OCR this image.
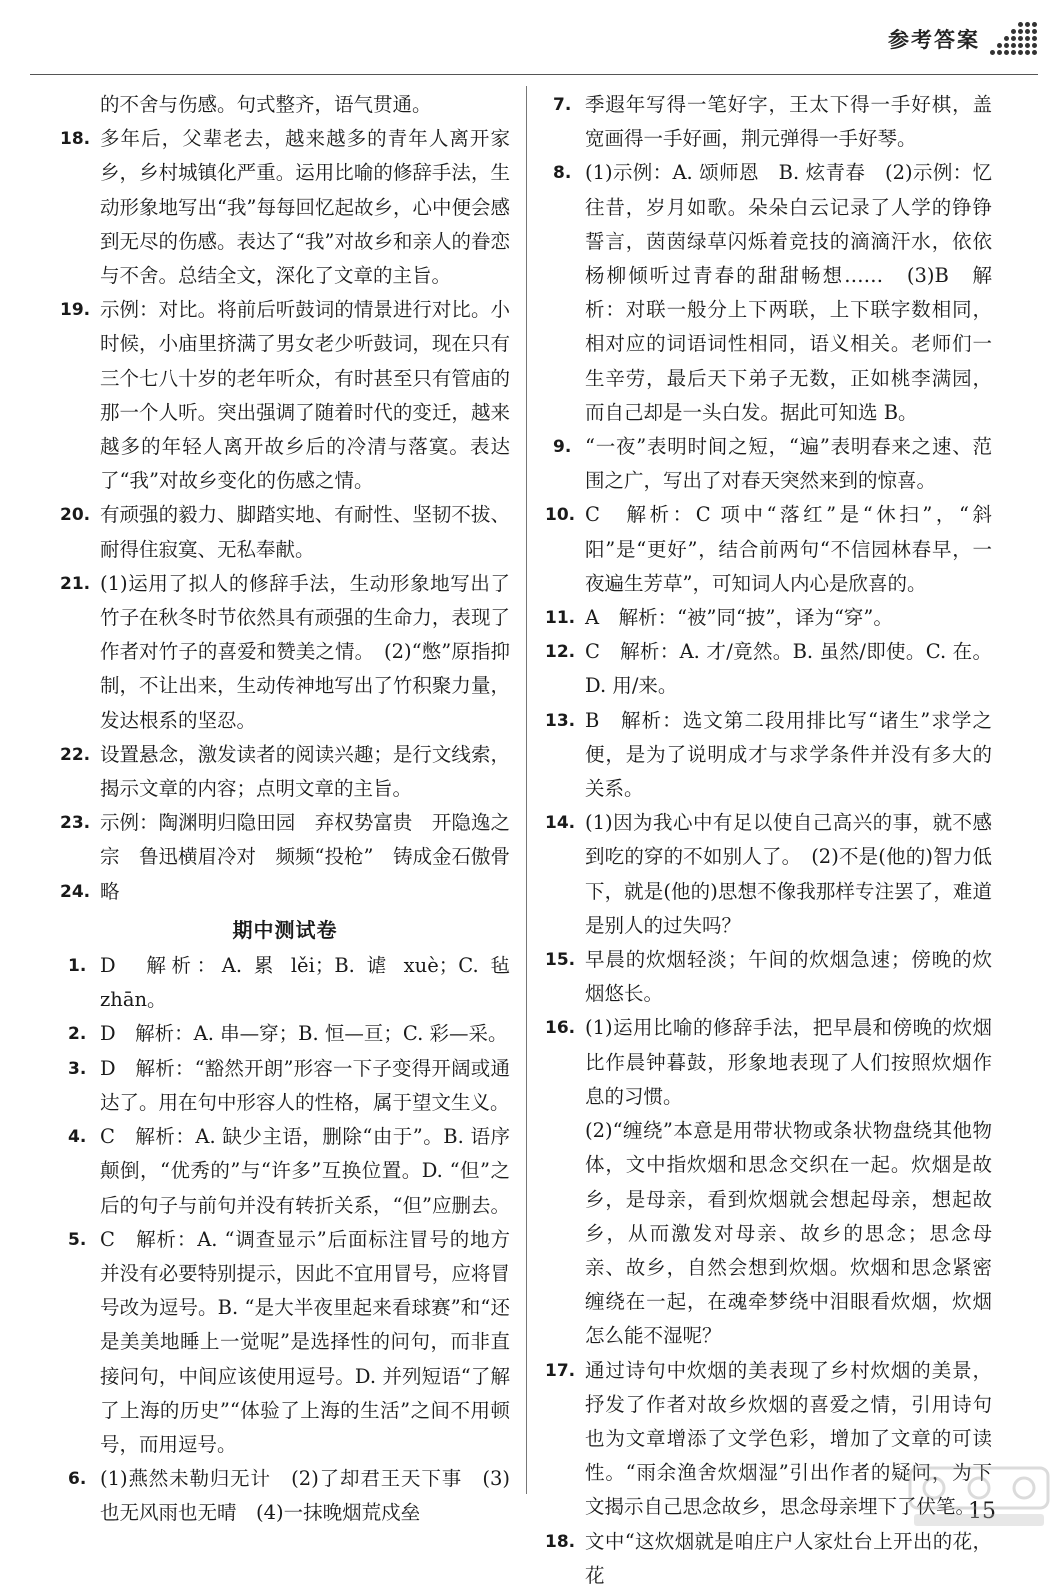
参考答案
的不舍与伤感。句式整齐，语气贯通。
18. 多年后，父辈老去，越来越多的青年人离开家乡，乡村城镇化严重。运用比喻的修辞手法，生动形象地写出“我”每每回忆起故乡，心中便会感到无尽的伤感。表达了“我”对故乡和亲人的眷恋与不舍。总结全文，深化了文章的主旨。
19. 示例：对比。将前后听鼓词的情景进行对比。小时候，小庙里挤满了男女老少听鼓词，现在只有三个七八十岁的老年听众，有时甚至只有管庙的那一个人听。突出强调了随着时代的变迁，越来越多的年轻人离开故乡后的冷清与落寞。表达了“我”对故乡变化的伤感之情。
20. 有顽强的毅力、脚踏实地、有耐性、坚韧不拔、耐得住寂寞、无私奉献。
21. (1)运用了拟人的修辞手法，生动形象地写出了竹子在秋冬时节依然具有顽强的生命力，表现了作者对竹子的喜爱和赞美之情。　(2)“憋”原指抑制，不让出来，生动传神地写出了竹积聚力量，发达根系的坚忍。
22. 设置悬念，激发读者的阅读兴趣；是行文线索，揭示文章的内容；点明文章的主旨。
23. 示例：陶渊明归隐田园　弃权势富贵　开隐逸之宗　鲁迅横眉冷对　频频“投枪”　铸成金石傲骨
24. 略
期中测试卷
1. D　解析：A. 累 lěi；B. 谑 xuè；C. 毡 zhān。
2. D　解析：A. 串—穿；B. 恒—亘；C. 彩—采。
3. D　解析：“豁然开朗”形容一下子变得开阔或通达了。用在句中形容人的性格，属于望文生义。
4. C　解析：A. 缺少主语，删除“由于”。B. 语序颠倒，“优秀的”与“许多”互换位置。D. “但”之后的句子与前句并没有转折关系，“但”应删去。
5. C　解析：A. “调查显示”后面标注冒号的地方并没有必要特别提示，因此不宜用冒号，应将冒号改为逗号。B. “是大半夜里起来看球赛”和“还是美美地睡上一觉呢”是选择性的问句，而非直接问句，中间应该使用逗号。D. 并列短语“了解了上海的历史”“体验了上海的生活”之间不用顿号，而用逗号。
6. (1)燕然未勒归无计　(2)了却君王天下事　(3)也无风雨也无晴　(4)一抹晚烟荒戍垒
7. 季遐年写得一笔好字，王太下得一手好棋，盖宽画得一手好画，荆元弹得一手好琴。
8. (1)示例：A. 颂师恩　B. 炫青春　(2)示例：忆往昔，岁月如歌。朵朵白云记录了人学的铮铮誓言，茵茵绿草闪烁着竞技的滴滴汗水，依依杨柳倾听过青春的甜甜畅想……　(3)B　解析：对联一般分上下两联，上下联字数相同，相对应的词语词性相同，语义相关。老师们一生辛劳，最后天下弟子无数，正如桃李满园，而自己却是一头白发。据此可知选 B。
9. “一夜”表明时间之短，“遍”表明春来之速、范围之广，写出了对春天突然来到的惊喜。
10. C　解析：C 项中“落红”是“休扫”，“斜阳”是“更好”，结合前两句“不信园林春早，一夜遍生芳草”，可知词人内心是欣喜的。
11. A　解析：“被”同“披”，译为“穿”。
12. C　解析：A. 才/竟然。B. 虽然/即使。C. 在。D. 用/来。
13. B　解析：选文第二段用排比写“诸生”求学之便，是为了说明成才与求学条件并没有多大的关系。
14. (1)因为我心中有足以使自己高兴的事，就不感到吃的穿的不如别人了。　(2)不是(他的)智力低下，就是(他的)思想不像我那样专注罢了，难道是别人的过失吗？
15. 早晨的炊烟轻淡；午间的炊烟急速；傍晚的炊烟悠长。
16. (1)运用比喻的修辞手法，把早晨和傍晚的炊烟比作晨钟暮鼓，形象地表现了人们按照炊烟作息的习惯。
(2)“缠绕”本意是用带状物或条状物盘绕其他物体，文中指炊烟和思念交织在一起。炊烟是故乡，是母亲，看到炊烟就会想起母亲，想起故乡，从而激发对母亲、故乡的思念；思念母亲、故乡，自然会想到炊烟。炊烟和思念紧密缠绕在一起，在魂牵梦绕中泪眼看炊烟，炊烟怎么能不湿呢？
17. 通过诗句中炊烟的美表现了乡村炊烟的美景，抒发了作者对故乡炊烟的喜爱之情，引用诗句也为文章增添了文学色彩，增加了文章的可读性。“雨余渔舍炊烟湿”引出作者的疑问，为下文揭示自己思念故乡，思念母亲埋下了伏笔。
18. 文中“这炊烟就是咱庄户人家灶台上开出的花，花
15
